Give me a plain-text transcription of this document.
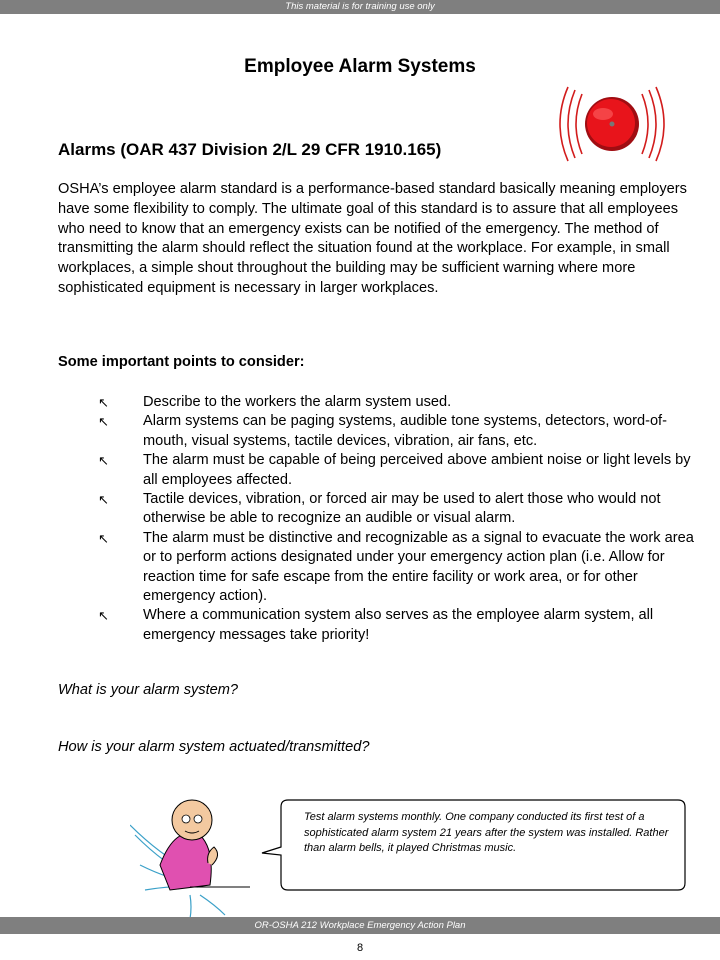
This material is for training use only
Employee Alarm Systems
Alarms (OAR 437 Division 2/L 29 CFR 1910.165)

OSHA’s employee alarm standard is a performance-based standard basically meaning employers have some flexibility to comply. The ultimate goal of this standard is to assure that all employees who need to know that an emergency exists can be notified of the emergency. The method of transmitting the alarm should reflect the situation found at the workplace. For example, in small workplaces, a simple shout throughout the building may be sufficient warning where more sophisticated equipment is necessary in larger workplaces.

Some important points to consider:

↖ Describe to the workers the alarm system used.
↖ Alarm systems can be paging systems, audible tone systems, detectors, word-of-mouth, visual systems, tactile devices, vibration, air fans, etc.
↖ The alarm must be capable of being perceived above ambient noise or light levels by all employees affected.
↖ Tactile devices, vibration, or forced air may be used to alert those who would not otherwise be able to recognize an audible or visual alarm.
↖ The alarm must be distinctive and recognizable as a signal to evacuate the work area or to perform actions designated under your emergency action plan (i.e. Allow for reaction time for safe escape from the entire facility or work area, or for other emergency action).
↖ Where a communication system also serves as the employee alarm system, all emergency messages take priority!

What is your alarm system?

How is your alarm system actuated/transmitted?

Test alarm systems monthly. One company conducted its first test of a sophisticated alarm system 21 years after the system was installed. Rather than alarm bells, it played Christmas music.

OR-OSHA 212 Workplace Emergency Action Plan
8
